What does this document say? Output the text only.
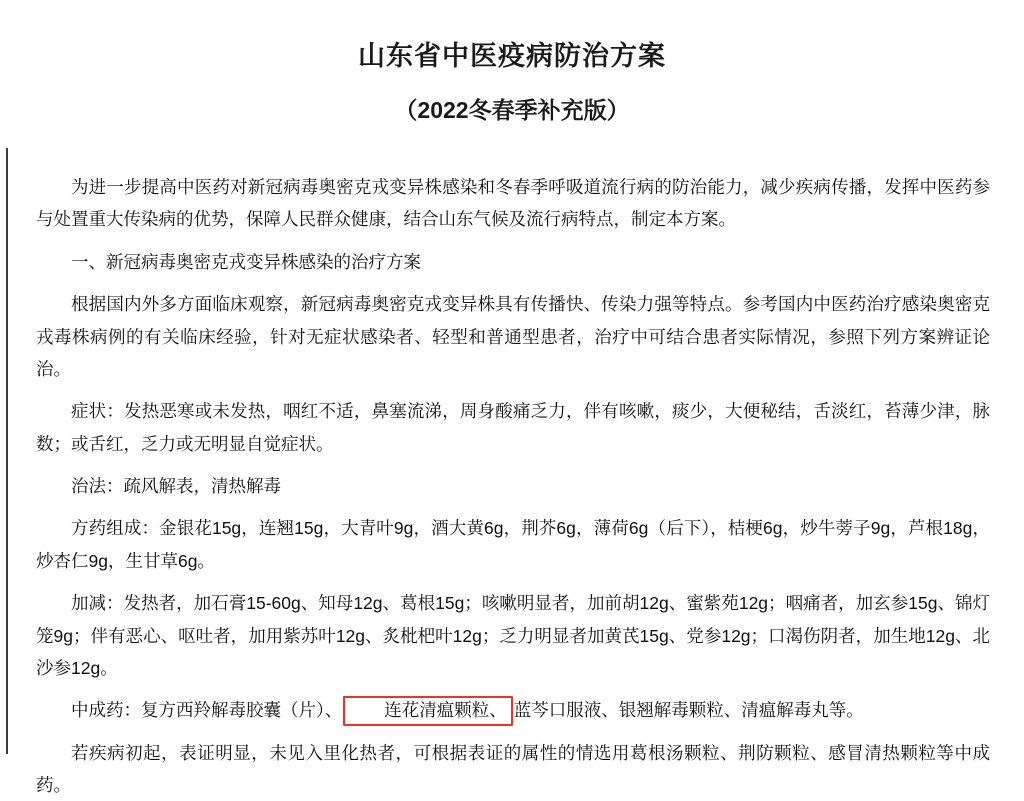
山东省中医疫病防治方案
（2022冬春季补充版）

为进一步提高中医药对新冠病毒奥密克戎变异株感染和冬春季呼吸道流行病的防治能力，减少疾病传播，发挥中医药参与处置重大传染病的优势，保障人民群众健康，结合山东气候及流行病特点，制定本方案。

一、新冠病毒奥密克戎变异株感染的治疗方案

根据国内外多方面临床观察，新冠病毒奥密克戎变异株具有传播快、传染力强等特点。参考国内中医药治疗感染奥密克戎毒株病例的有关临床经验，针对无症状感染者、轻型和普通型患者，治疗中可结合患者实际情况，参照下列方案辨证论治。

症状：发热恶寒或未发热，咽红不适，鼻塞流涕，周身酸痛乏力，伴有咳嗽，痰少，大便秘结，舌淡红，苔薄少津，脉数；或舌红，乏力或无明显自觉症状。

治法：疏风解表，清热解毒

方药组成：金银花15g，连翘15g，大青叶9g，酒大黄6g，荆芥6g，薄荷6g（后下），桔梗6g，炒牛蒡子9g，芦根18g，炒杏仁9g，生甘草6g。

加减：发热者，加石膏15-60g、知母12g、葛根15g；咳嗽明显者，加前胡12g、蜜紫苑12g；咽痛者，加玄参15g、锦灯笼9g；伴有恶心、呕吐者，加用紫苏叶12g、炙枇杷叶12g；乏力明显者加黄芪15g、党参12g；口渴伤阴者，加生地12g、北沙参12g。

中成药：复方西羚解毒胶囊（片）、 连花清瘟颗粒、 蓝芩口服液、银翘解毒颗粒、清瘟解毒丸等。

若疾病初起，表证明显，未见入里化热者，可根据表证的属性的情选用葛根汤颗粒、荆防颗粒、感冒清热颗粒等中成药。
